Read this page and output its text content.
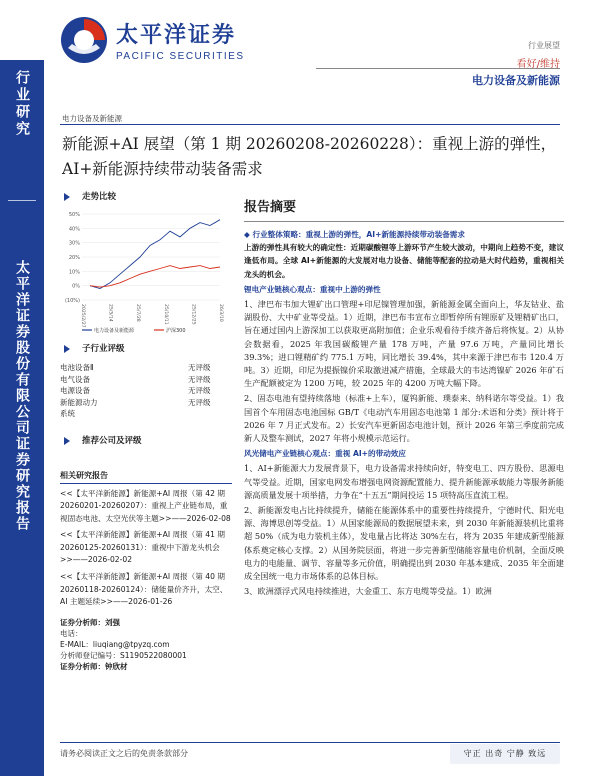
行业研究
太平洋证券股份有限公司证券研究报告
太平洋证券
PACIFIC SECURITIES
行业展望
看好/维持
电力设备及新能源
电力设备及新能源
新能源+AI 展望（第 1 期 20260208-20260228）：重视上游的弹性，AI+新能源持续带动装备需求
走势比较
50%
40%
30%
20%
10%
0%
(10%)
2025/2/27	25/5/14	25/7/28	25/10/11	25/12/25	26/3/10
电力设备及新能源	沪深300
子行业评级
电池设备Ⅱ	无评级
电气设备	无评级
电源设备	无评级
新能源动力	无评级
系统
推荐公司及评级
相关研究报告
<<【太平洋新能源】新能源+AI 周报（第 42 期 20260201-20260207）：重视上产业链布局，重视固态电池、太空光伏等主题>>——2026-02-08
<<【太平洋新能源】新能源+AI 周报（第 41 期 20260125-20260131）：重视中下游龙头机会>>——2026-02-02
<<【太平洋新能源】新能源+AI 周报（第 40 期 20260118-20260124）：储能量价齐升，太空、AI 主题延续>>——2026-01-26
证券分析师：刘强
电话：
E-MAIL：liuqiang@tpyzq.com
分析师登记编号：S1190522080001
证券分析师：钟欣材
报告摘要
◆ 行业整体策略：重视上游的弹性，AI+新能源持续带动装备需求
上游的弹性具有较大的确定性：近期碳酸锂等上游环节产生较大波动，中期向上趋势不变，建议逢低布局。全球 AI+新能源的大发展对电力设备、储能等配套的拉动是大时代趋势，重视相关龙头的机会。
锂电产业链核心观点：重视中上游的弹性
1、津巴布韦加大锂矿出口管理+印尼镍管理加强，新能源金属全面向上，华友钴业、盐湖股份、大中矿业等受益。1）近期，津巴布韦宣布立即暂停所有锂原矿及锂精矿出口，旨在通过国内上游深加工以获取更高附加值；企业乐观看待手续齐备后将恢复。2）从协会数据看，2025 年我国碳酸锂产量 178 万吨，产量 97.6 万吨，产量同比增长 39.3%；进口锂精矿约 775.1 万吨，同比增长 39.4%，其中来源于津巴布韦 120.4 万吨。3）近期，印尼为提振镍价采取激进减产措施，全球最大的韦达湾镍矿 2026 年矿石生产配额被定为 1200 万吨，较 2025 年的 4200 万吨大幅下降。
2、固态电池有望持续落地（标准+上车），厦钨新能、璞泰来、纳科诺尔等受益。1）我国首个车用固态电池国标 GB/T《电动汽车用固态电池第 1 部分:术语和分类》预计将于 2026 年 7 月正式发布。2）长安汽车更新固态电池计划，预计 2026 年第三季度前完成新人及整车测试，2027 年将小规模示范运行。
风光储电产业链核心观点：重视 AI+的带动效应
1、AI+新能源大力发展背景下，电力设备需求持续向好，特变电工、四方股份、思源电气等受益。近期，国家电网发布增强电网资源配置能力、提升新能源承载能力等服务新能源高质量发展十项举措，力争在“十五五”期间投运 15 项特高压直流工程。
2、新能源发电占比持续提升，储能在能源体系中的重要性持续提升，宁德时代、阳光电源、海博思创等受益。1）从国家能源局的数据展望未来，到 2030 年新能源装机比重将超 50%（成为电力装机主体），发电量占比将达 30%左右，将为 2035 年建成新型能源体系奠定核心支撑。2）从国务院层面，将进一步完善新型储能容量电价机制，全面反映电力的电能量、调节、容量等多元价值，明确提出到 2030 年基本建成、2035 年全面建成全国统一电力市场体系的总体目标。
3、欧洲漂浮式风电持续推进，大金重工、东方电缆等受益。1）欧洲
请务必阅读正文之后的免责条款部分	守正 出奇 宁静 致远
